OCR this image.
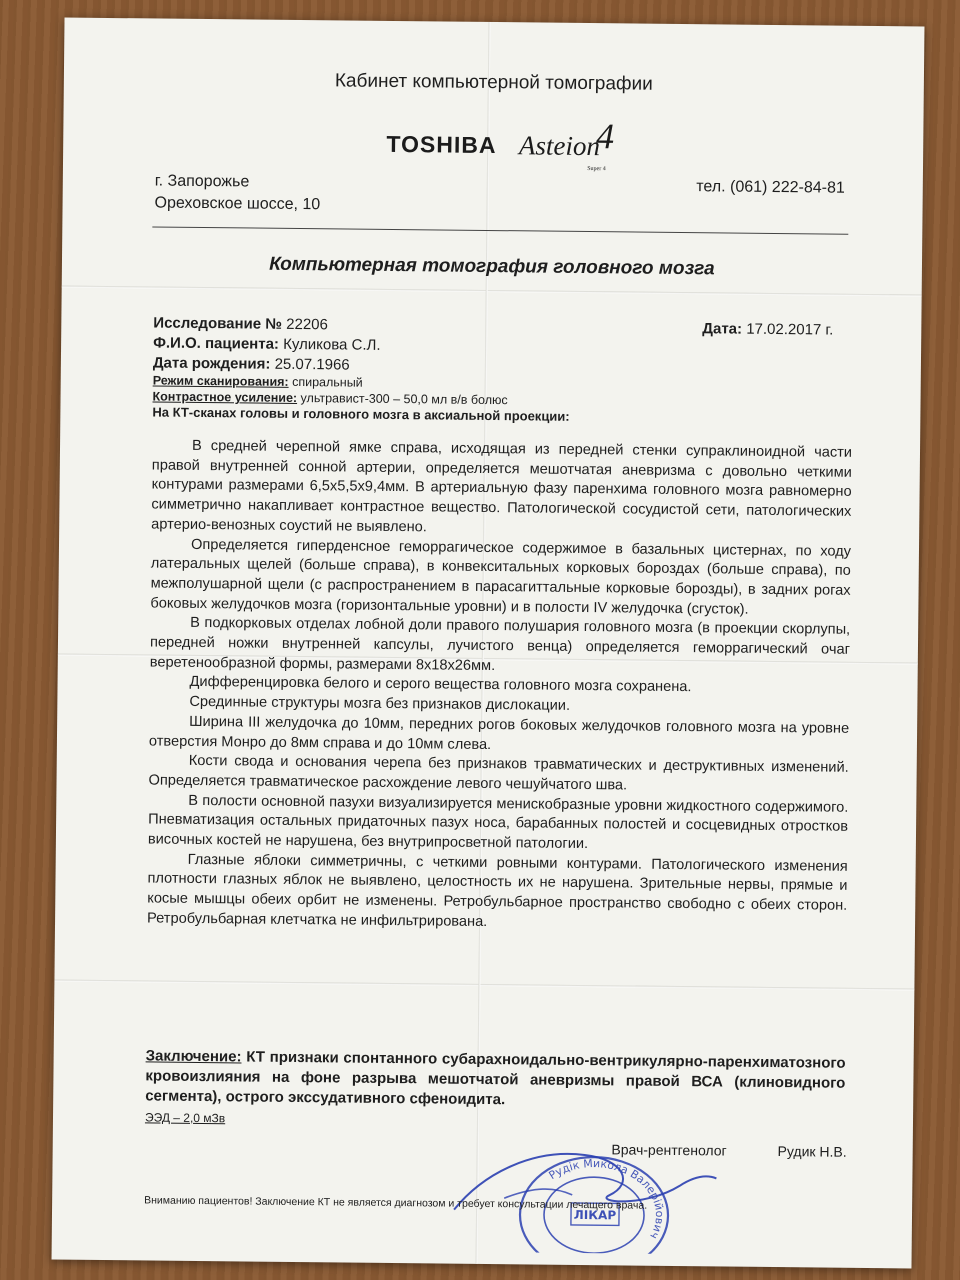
Кабинет компьютерной томографии
TOSHIBA Asteion
4
Super 4
г. Запорожье
Ореховское шоссе, 10
тел. (061) 222-84-81
Компьютерная томография головного мозга
Исследование № 22206	Дата: 17.02.2017 г.
Ф.И.О. пациента: Куликова С.Л.
Дата рождения: 25.07.1966
Режим сканирования: спиральный
Контрастное усиление: ультравист-300 – 50,0 мл в/в болюс
На КТ-сканах головы и головного мозга в аксиальной проекции:

В средней черепной ямке справа, исходящая из передней стенки супраклиноидной части правой внутренней сонной артерии, определяется мешотчатая аневризма с довольно четкими контурами размерами 6,5х5,5х9,4мм. В артериальную фазу паренхима головного мозга равномерно симметрично накапливает контрастное вещество. Патологической сосудистой сети, патологических артерио-венозных соустий не выявлено.

Определяется гиперденсное геморрагическое содержимое в базальных цистернах, по ходу латеральных щелей (больше справа), в конвекситальных корковых бороздах (больше справа), по межполушарной щели (с распространением в парасагиттальные корковые борозды), в задних рогах боковых желудочков мозга (горизонтальные уровни) и в полости IV желудочка (сгусток).

В подкорковых отделах лобной доли правого полушария головного мозга (в проекции скорлупы, передней ножки внутренней капсулы, лучистого венца) определяется геморрагический очаг веретенообразной формы, размерами 8х18х26мм.

Дифференцировка белого и серого вещества головного мозга сохранена.

Срединные структуры мозга без признаков дислокации.

Ширина III желудочка до 10мм, передних рогов боковых желудочков головного мозга на уровне отверстия Монро до 8мм справа и до 10мм слева.

Кости свода и основания черепа без признаков травматических и деструктивных изменений. Определяется травматическое расхождение левого чешуйчатого шва.

В полости основной пазухи визуализируется менискобразные уровни жидкостного содержимого. Пневматизация остальных придаточных пазух носа, барабанных полостей и сосцевидных отростков височных костей не нарушена, без внутрипросветной патологии.

Глазные яблоки симметричны, с четкими ровными контурами. Патологического изменения плотности глазных яблок не выявлено, целостность их не нарушена. Зрительные нервы, прямые и косые мышцы обеих орбит не изменены. Ретробульбарное пространство свободно с обеих сторон. Ретробульбарная клетчатка не инфильтрирована.

Заключение: КТ признаки спонтанного субарахноидально-вентрикулярно-паренхиматозного кровоизлияния на фоне разрыва мешотчатой аневризмы правой ВСА (клиновидного сегмента), острого экссудативного сфеноидита.
ЭЭД – 2,0 мЗв
Рудік Микола Валерійович
ЛІКАР
Врач-рентгенолог	Рудик Н.В.
Вниманию пациентов! Заключение КТ не является диагнозом и требует консультации лечащего врача.
